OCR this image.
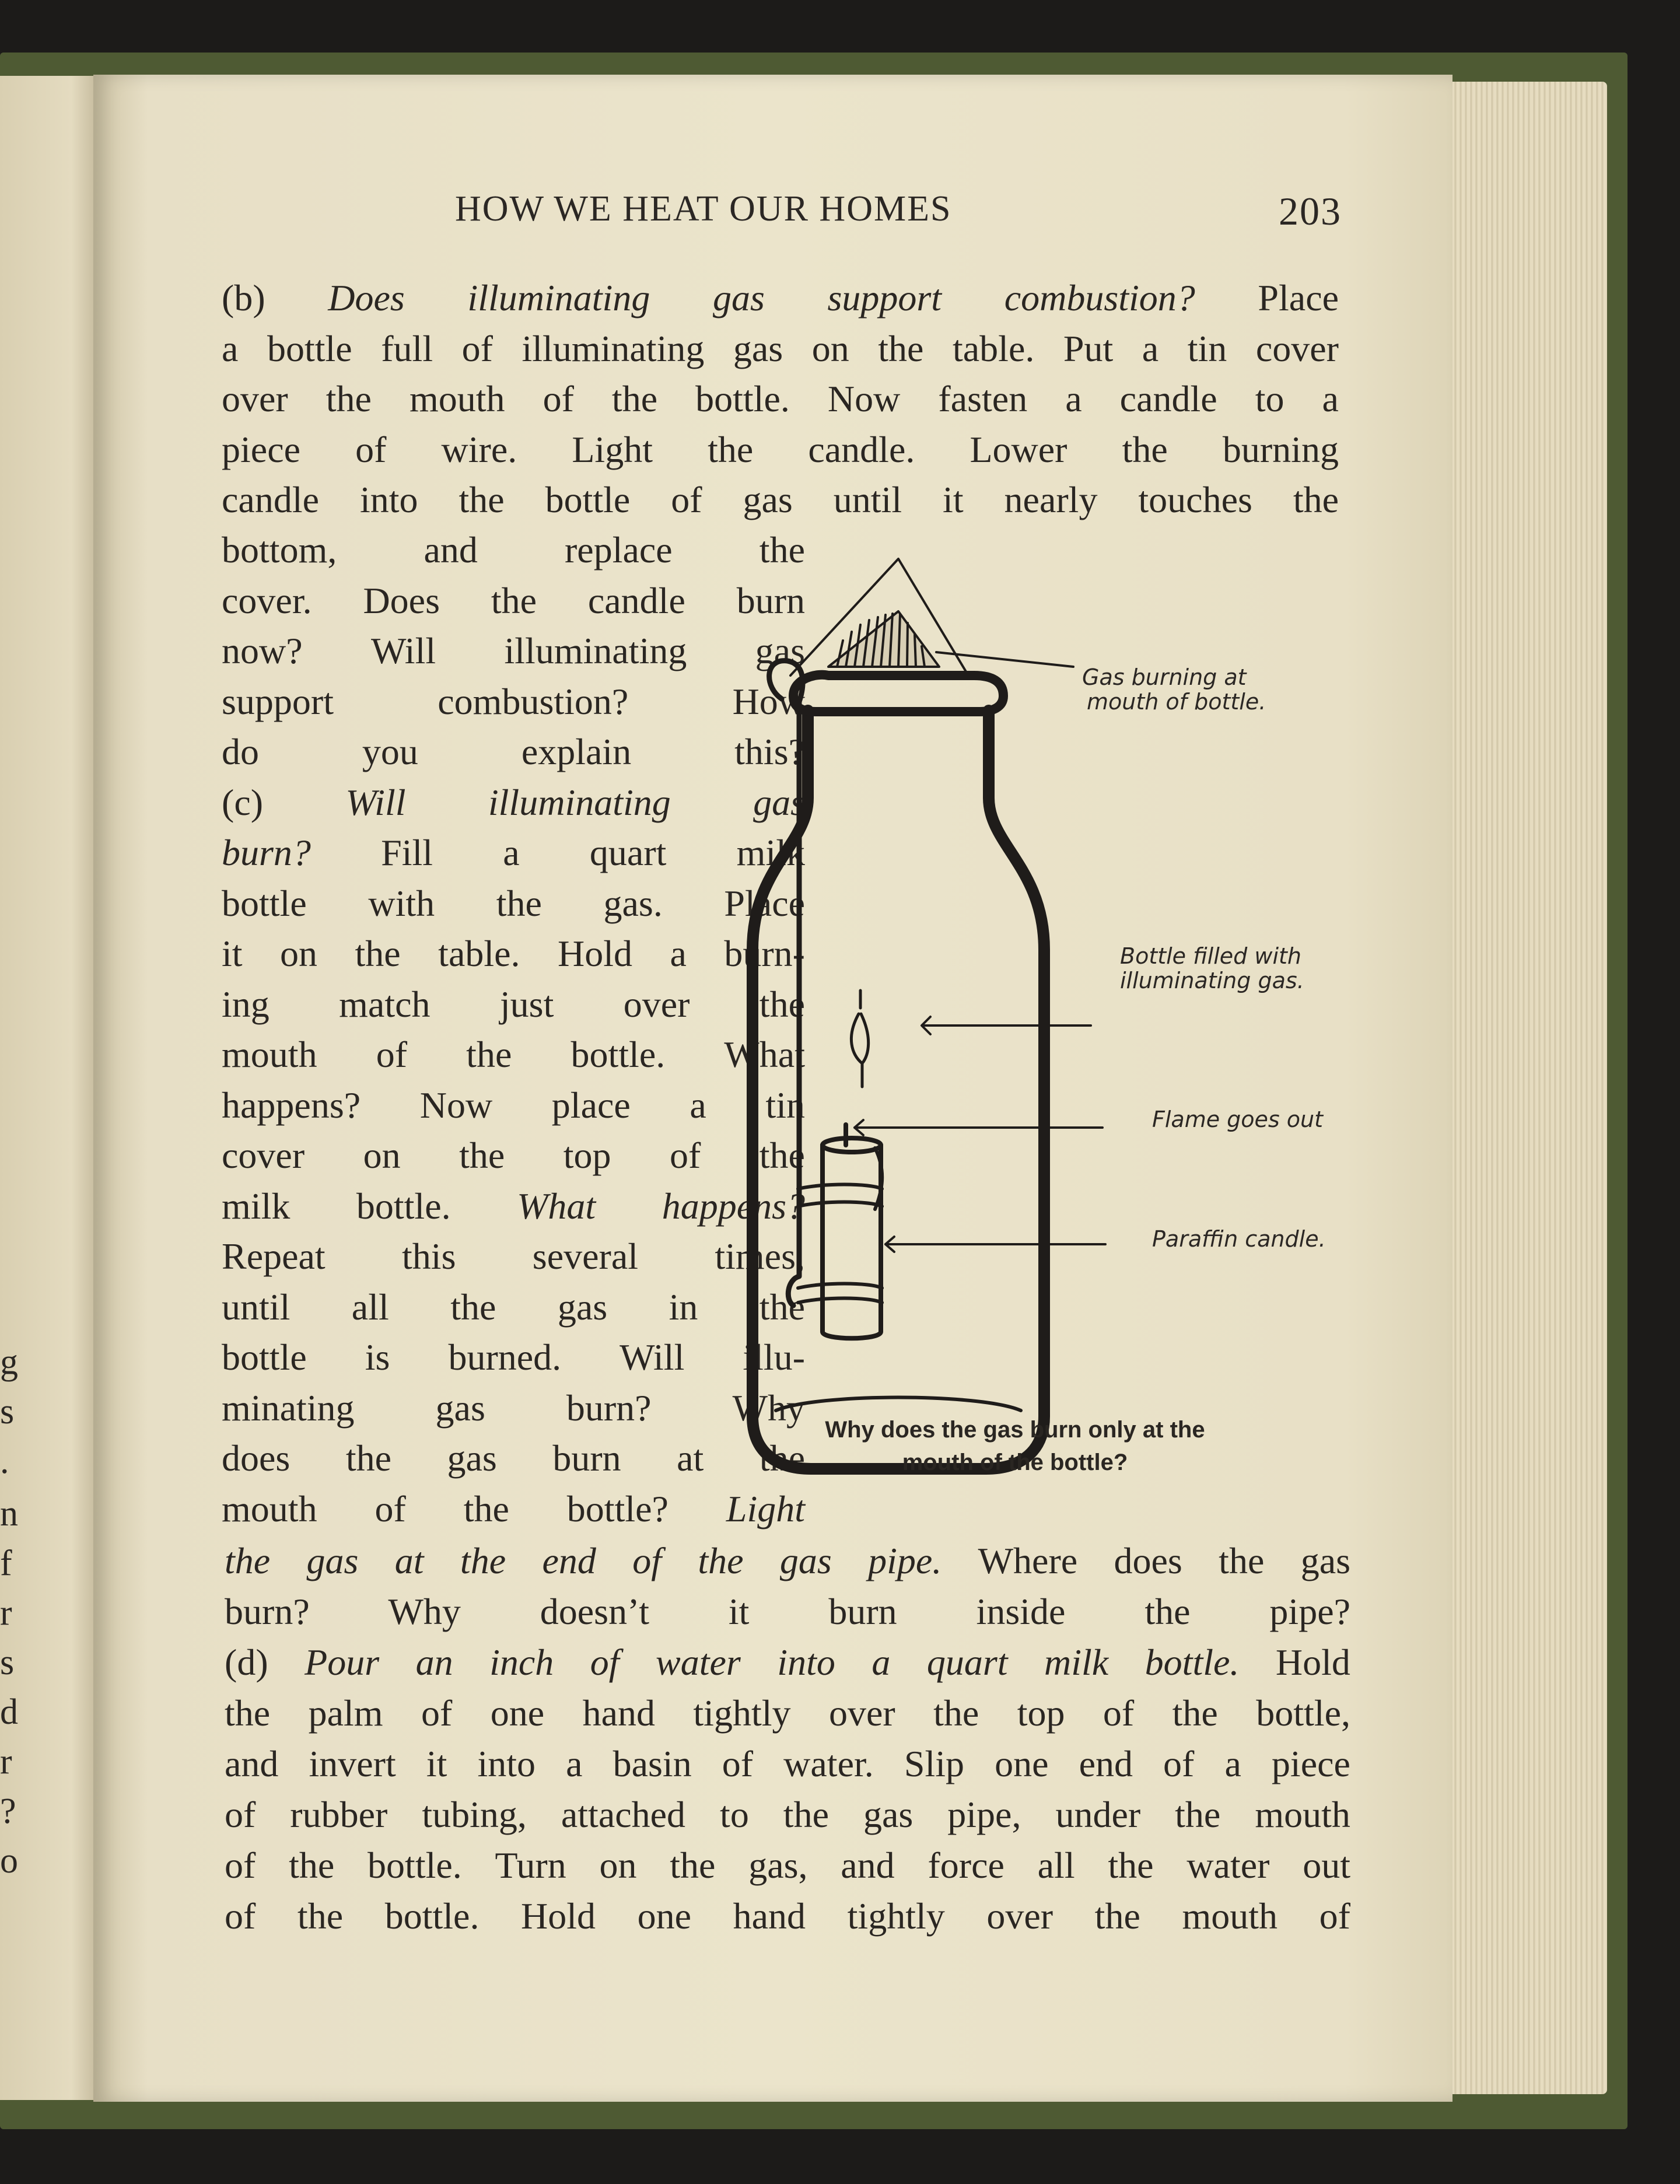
g
s
.
n
f
r
s
d
r
?
o
HOW WE HEAT OUR HOMES	203
(b) Does illuminating gas support combustion? Place
a bottle full of illuminating gas on the table. Put a tin cover
over the mouth of the bottle. Now fasten a candle to a
piece of wire. Light the candle. Lower the burning
candle into the bottle of gas until it nearly touches the
bottom, and replace the
cover. Does the candle burn
now? Will illuminating gas
support	combustion?	How
do you explain this?
(c) Will illuminating gas
burn? Fill a quart milk
bottle with the gas. Place
it on the table. Hold a burn-
ing match just over the
mouth of the bottle. What
happens? Now place a tin
cover on the top of the
milk bottle. What happens?
Repeat this several times,
until all the gas in the
bottle is burned. Will illu-
minating gas burn? Why
does the gas burn at the
mouth of the bottle? Light
the gas at the end of the gas pipe. Where does the gas
burn? Why doesn’t it burn inside the pipe?
(d) Pour an inch of water into a quart milk bottle. Hold
the palm of one hand tightly over the top of the bottle,
and invert it into a basin of water. Slip one end of a piece
of rubber tubing, attached to the gas pipe, under the mouth
of the bottle. Turn on the gas, and force all the water out
of the bottle. Hold one hand tightly over the mouth of
Gas burning at
mouth of bottle.
Bottle filled with
illuminating gas.
Flame goes out
Paraffin candle.
Why does the gas burn only at the
mouth of the bottle?
